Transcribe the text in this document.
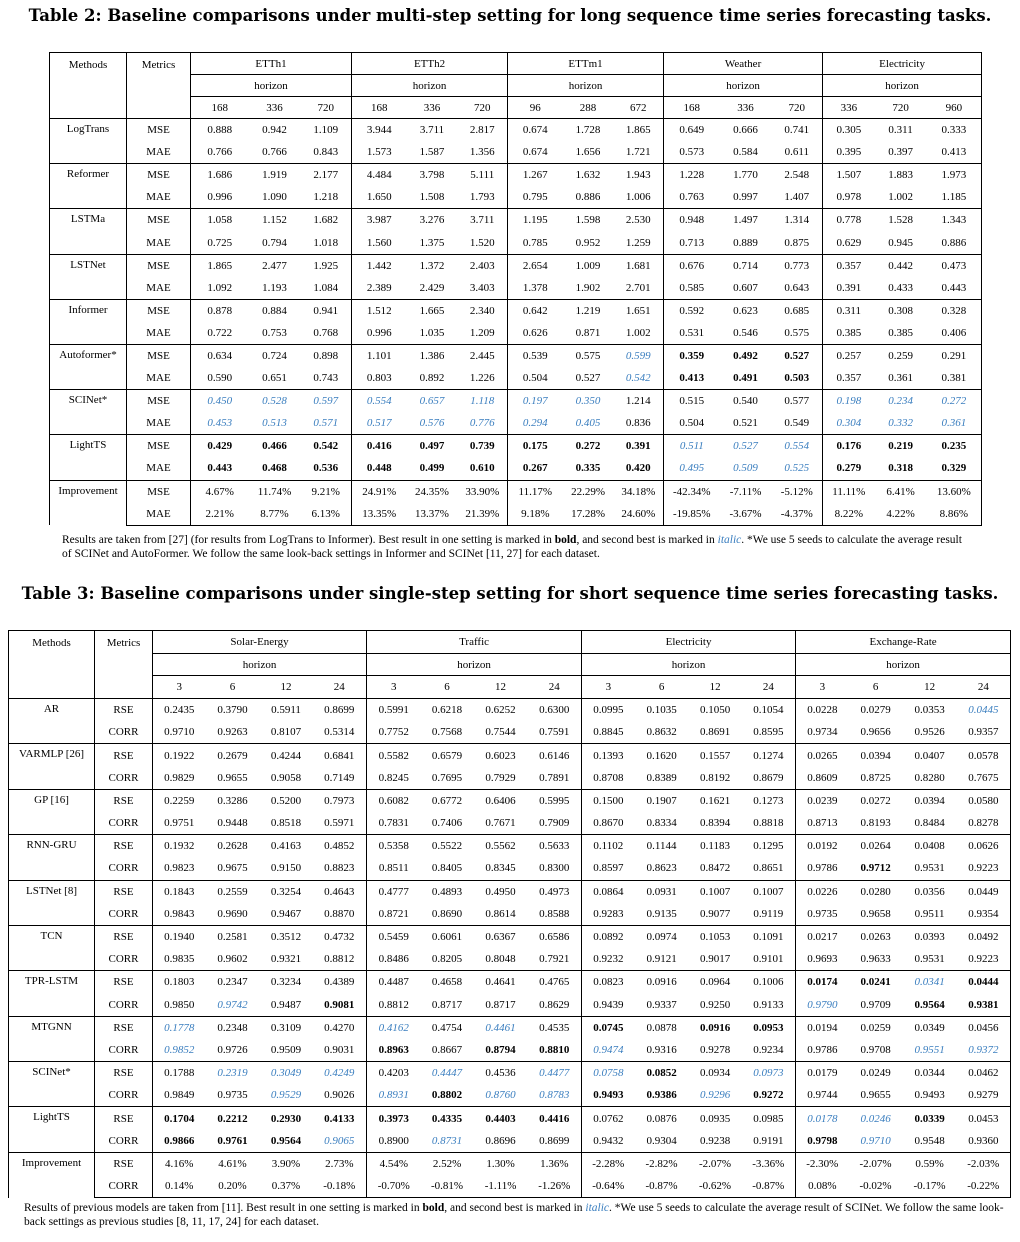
Table 2: Baseline comparisons under multi-step setting for long sequence time series forecasting tasks.
Methods	Metrics	ETTh1			ETTh2			ETTm1			Weather			Electricity		
		horizon			horizon			horizon			horizon			horizon		
		168	336	720	168	336	720	96	288	672	168	336	720	336	720	960
LogTrans	MSE	0.888	0.942	1.109	3.944	3.711	2.817	0.674	1.728	1.865	0.649	0.666	0.741	0.305	0.311	0.333
	MAE	0.766	0.766	0.843	1.573	1.587	1.356	0.674	1.656	1.721	0.573	0.584	0.611	0.395	0.397	0.413
Reformer	MSE	1.686	1.919	2.177	4.484	3.798	5.111	1.267	1.632	1.943	1.228	1.770	2.548	1.507	1.883	1.973
	MAE	0.996	1.090	1.218	1.650	1.508	1.793	0.795	0.886	1.006	0.763	0.997	1.407	0.978	1.002	1.185
LSTMa	MSE	1.058	1.152	1.682	3.987	3.276	3.711	1.195	1.598	2.530	0.948	1.497	1.314	0.778	1.528	1.343
	MAE	0.725	0.794	1.018	1.560	1.375	1.520	0.785	0.952	1.259	0.713	0.889	0.875	0.629	0.945	0.886
LSTNet	MSE	1.865	2.477	1.925	1.442	1.372	2.403	2.654	1.009	1.681	0.676	0.714	0.773	0.357	0.442	0.473
	MAE	1.092	1.193	1.084	2.389	2.429	3.403	1.378	1.902	2.701	0.585	0.607	0.643	0.391	0.433	0.443
Informer	MSE	0.878	0.884	0.941	1.512	1.665	2.340	0.642	1.219	1.651	0.592	0.623	0.685	0.311	0.308	0.328
	MAE	0.722	0.753	0.768	0.996	1.035	1.209	0.626	0.871	1.002	0.531	0.546	0.575	0.385	0.385	0.406
Autoformer*	MSE	0.634	0.724	0.898	1.101	1.386	2.445	0.539	0.575	0.599	0.359	0.492	0.527	0.257	0.259	0.291
	MAE	0.590	0.651	0.743	0.803	0.892	1.226	0.504	0.527	0.542	0.413	0.491	0.503	0.357	0.361	0.381
SCINet*	MSE	0.450	0.528	0.597	0.554	0.657	1.118	0.197	0.350	1.214	0.515	0.540	0.577	0.198	0.234	0.272
	MAE	0.453	0.513	0.571	0.517	0.576	0.776	0.294	0.405	0.836	0.504	0.521	0.549	0.304	0.332	0.361
LightTS	MSE	0.429	0.466	0.542	0.416	0.497	0.739	0.175	0.272	0.391	0.511	0.527	0.554	0.176	0.219	0.235
	MAE	0.443	0.468	0.536	0.448	0.499	0.610	0.267	0.335	0.420	0.495	0.509	0.525	0.279	0.318	0.329
Improvement	MSE	4.67%	11.74%	9.21%	24.91%	24.35%	33.90%	11.17%	22.29%	34.18%	-42.34%	-7.11%	-5.12%	11.11%	6.41%	13.60%
	MAE	2.21%	8.77%	6.13%	13.35%	13.37%	21.39%	9.18%	17.28%	24.60%	-19.85%	-3.67%	-4.37%	8.22%	4.22%	8.86%
Results are taken from [27] (for results from LogTrans to Informer). Best result in one setting is marked in bold, and second best is marked in italic. *We use 5 seeds to calculate the average result of SCINet and AutoFormer. We follow the same look-back settings in Informer and SCINet [11, 27] for each dataset.
Table 3: Baseline comparisons under single-step setting for short sequence time series forecasting tasks.
Methods	Metrics	Solar-Energy				Traffic				Electricity				Exchange-Rate			
		horizon				horizon				horizon				horizon			
		3	6	12	24	3	6	12	24	3	6	12	24	3	6	12	24
AR	RSE	0.2435	0.3790	0.5911	0.8699	0.5991	0.6218	0.6252	0.6300	0.0995	0.1035	0.1050	0.1054	0.0228	0.0279	0.0353	0.0445
	CORR	0.9710	0.9263	0.8107	0.5314	0.7752	0.7568	0.7544	0.7591	0.8845	0.8632	0.8691	0.8595	0.9734	0.9656	0.9526	0.9357
VARMLP [26]	RSE	0.1922	0.2679	0.4244	0.6841	0.5582	0.6579	0.6023	0.6146	0.1393	0.1620	0.1557	0.1274	0.0265	0.0394	0.0407	0.0578
	CORR	0.9829	0.9655	0.9058	0.7149	0.8245	0.7695	0.7929	0.7891	0.8708	0.8389	0.8192	0.8679	0.8609	0.8725	0.8280	0.7675
GP [16]	RSE	0.2259	0.3286	0.5200	0.7973	0.6082	0.6772	0.6406	0.5995	0.1500	0.1907	0.1621	0.1273	0.0239	0.0272	0.0394	0.0580
	CORR	0.9751	0.9448	0.8518	0.5971	0.7831	0.7406	0.7671	0.7909	0.8670	0.8334	0.8394	0.8818	0.8713	0.8193	0.8484	0.8278
RNN-GRU	RSE	0.1932	0.2628	0.4163	0.4852	0.5358	0.5522	0.5562	0.5633	0.1102	0.1144	0.1183	0.1295	0.0192	0.0264	0.0408	0.0626
	CORR	0.9823	0.9675	0.9150	0.8823	0.8511	0.8405	0.8345	0.8300	0.8597	0.8623	0.8472	0.8651	0.9786	0.9712	0.9531	0.9223
LSTNet [8]	RSE	0.1843	0.2559	0.3254	0.4643	0.4777	0.4893	0.4950	0.4973	0.0864	0.0931	0.1007	0.1007	0.0226	0.0280	0.0356	0.0449
	CORR	0.9843	0.9690	0.9467	0.8870	0.8721	0.8690	0.8614	0.8588	0.9283	0.9135	0.9077	0.9119	0.9735	0.9658	0.9511	0.9354
TCN	RSE	0.1940	0.2581	0.3512	0.4732	0.5459	0.6061	0.6367	0.6586	0.0892	0.0974	0.1053	0.1091	0.0217	0.0263	0.0393	0.0492
	CORR	0.9835	0.9602	0.9321	0.8812	0.8486	0.8205	0.8048	0.7921	0.9232	0.9121	0.9017	0.9101	0.9693	0.9633	0.9531	0.9223
TPR-LSTM	RSE	0.1803	0.2347	0.3234	0.4389	0.4487	0.4658	0.4641	0.4765	0.0823	0.0916	0.0964	0.1006	0.0174	0.0241	0.0341	0.0444
	CORR	0.9850	0.9742	0.9487	0.9081	0.8812	0.8717	0.8717	0.8629	0.9439	0.9337	0.9250	0.9133	0.9790	0.9709	0.9564	0.9381
MTGNN	RSE	0.1778	0.2348	0.3109	0.4270	0.4162	0.4754	0.4461	0.4535	0.0745	0.0878	0.0916	0.0953	0.0194	0.0259	0.0349	0.0456
	CORR	0.9852	0.9726	0.9509	0.9031	0.8963	0.8667	0.8794	0.8810	0.9474	0.9316	0.9278	0.9234	0.9786	0.9708	0.9551	0.9372
SCINet*	RSE	0.1788	0.2319	0.3049	0.4249	0.4203	0.4447	0.4536	0.4477	0.0758	0.0852	0.0934	0.0973	0.0179	0.0249	0.0344	0.0462
	CORR	0.9849	0.9735	0.9529	0.9026	0.8931	0.8802	0.8760	0.8783	0.9493	0.9386	0.9296	0.9272	0.9744	0.9655	0.9493	0.9279
LightTS	RSE	0.1704	0.2212	0.2930	0.4133	0.3973	0.4335	0.4403	0.4416	0.0762	0.0876	0.0935	0.0985	0.0178	0.0246	0.0339	0.0453
	CORR	0.9866	0.9761	0.9564	0.9065	0.8900	0.8731	0.8696	0.8699	0.9432	0.9304	0.9238	0.9191	0.9798	0.9710	0.9548	0.9360
Improvement	RSE	4.16%	4.61%	3.90%	2.73%	4.54%	2.52%	1.30%	1.36%	-2.28%	-2.82%	-2.07%	-3.36%	-2.30%	-2.07%	0.59%	-2.03%
	CORR	0.14%	0.20%	0.37%	-0.18%	-0.70%	-0.81%	-1.11%	-1.26%	-0.64%	-0.87%	-0.62%	-0.87%	0.08%	-0.02%	-0.17%	-0.22%
Results of previous models are taken from [11]. Best result in one setting is marked in bold, and second best is marked in italic. *We use 5 seeds to calculate the average result of SCINet. We follow the same look-back settings as previous studies [8, 11, 17, 24] for each dataset.
